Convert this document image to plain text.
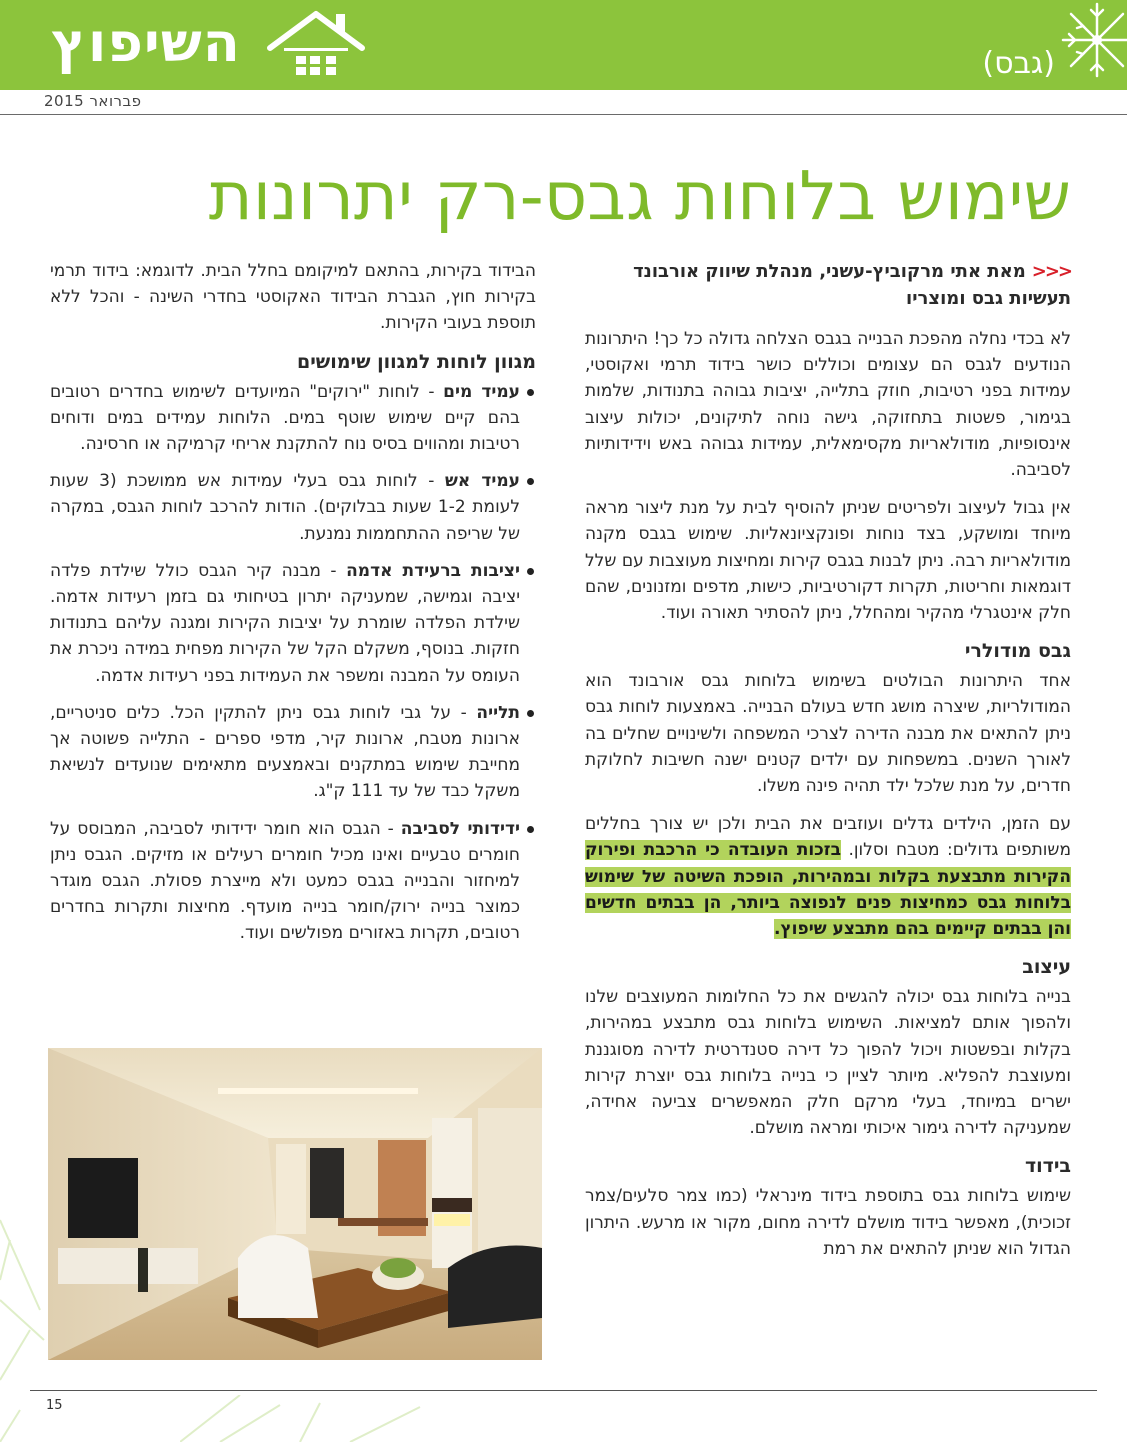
השיפוץ	(גבס)
פברואר 2015
שימוש בלוחות גבס-רק יתרונות

<<<מאת אתי מרקוביץ-עשני, מנהלת שיווק אורבונד תעשיות גבס ומוצריו

לא בכדי נחלה מהפכת הבנייה בגבס הצלחה גדולה כל כך! היתרונות הנודעים לגבס הם עצומים וכוללים כושר בידוד תרמי ואקוסטי, עמידות בפני רטיבות, חוזק בתלייה, יציבות גבוהה בתנודות, שלמות בגימור, פשטות בתחזוקה, גישה נוחה לתיקונים, יכולות עיצוב אינסופיות, מודולאריות מקסימאלית, עמידות גבוהה באש וידידותיות לסביבה.

אין גבול לעיצוב ולפריטים שניתן להוסיף לבית על מנת ליצור מראה מיוחד ומושקע, בצד נוחות ופונקציונאליות. שימוש בגבס מקנה מודולאריות רבה. ניתן לבנות בגבס קירות ומחיצות מעוצבות עם שלל דוגמאות וחריטות, תקרות דקורטיביות, כישות, מדפים ומזנונים, שהם חלק אינטגרלי מהקיר ומהחלל, ניתן להסתיר תאורה ועוד.

גבס מודולרי

אחד היתרונות הבולטים בשימוש בלוחות גבס אורבונד הוא המודולריות, שיצרה מושג חדש בעולם הבנייה. באמצעות לוחות גבס ניתן להתאים את מבנה הדירה לצרכי המשפחה ולשינויים שחלים בה לאורך השנים. במשפחות עם ילדים קטנים ישנה חשיבות לחלוקת חדרים, על מנת שלכל ילד תהיה פינה משלו.

עם הזמן, הילדים גדלים ועוזבים את הבית ולכן יש צורך בחללים משותפים גדולים: מטבח וסלון. בזכות העובדה כי הרכבת ופירוק הקירות מתבצעת בקלות ובמהירות, הופכת השיטה של שימוש בלוחות גבס כמחיצות פנים לנפוצה ביותר, הן בבתים חדשים והן בבתים קיימים בהם מתבצע שיפוץ.

עיצוב

בנייה בלוחות גבס יכולה להגשים את כל החלומות המעוצבים שלנו ולהפוך אותם למציאות. השימוש בלוחות גבס מתבצע במהירות, בקלות ובפשטות ויכול להפוך כל דירה סטנדרטית לדירה מסוגננת ומעוצבת להפליא. מיותר לציין כי בנייה בלוחות גבס יוצרת קירות ישרים במיוחד, בעלי מרקם חלק המאפשרים צביעה אחידה, שמעניקה לדירה גימור איכותי ומראה מושלם.

בידוד

שימוש בלוחות גבס בתוספת בידוד מינראלי (כמו צמר סלעים/צמר זכוכית), מאפשר בידוד מושלם לדירה מחום, מקור או מרעש. היתרון הגדול הוא שניתן להתאים את רמת

הבידוד בקירות, בהתאם למיקומם בחלל הבית. לדוגמא: בידוד תרמי בקירות חוץ, הגברת הבידוד האקוסטי בחדרי השינה - והכל ללא תוספת בעובי הקירות.

מגוון לוחות למגוון שימושים
עמיד מים - לוחות "ירוקים" המיועדים לשימוש בחדרים רטובים בהם קיים שימוש שוטף במים. הלוחות עמידים במים ודוחים רטיבות ומהווים בסיס נוח להתקנת אריחי קרמיקה או חרסינה.
עמיד אש - לוחות גבס בעלי עמידות אש ממושכת (3 שעות לעומת 1-2 שעות בבלוקים). הודות להרכב לוחות הגבס, במקרה של שריפה ההתחממות נמנעת.
יציבות ברעידת אדמה - מבנה קיר הגבס כולל שילדת פלדה יציבה וגמישה, שמעניקה יתרון בטיחותי גם בזמן רעידות אדמה. שילדת הפלדה שומרת על יציבות הקירות ומגנה עליהם בתנודות חזקות. בנוסף, משקלם הקל של הקירות מפחית במידה ניכרת את העומס על המבנה ומשפר את העמידות בפני רעידות אדמה.
תלייה - על גבי לוחות גבס ניתן להתקין הכל. כלים סניטריים, ארונות מטבח, ארונות קיר, מדפי ספרים - התלייה פשוטה אך מחייבת שימוש במתקנים ובאמצעים מתאימים שנועדים לנשיאת משקל כבד של עד 111 ק"ג.
ידידותי לסביבה - הגבס הוא חומר ידידותי לסביבה, המבוסס על חומרים טבעיים ואינו מכיל חומרים רעילים או מזיקים. הגבס ניתן למיחזור והבנייה בגבס כמעט ולא מייצרת פסולת. הגבס מוגדר כמוצר בנייה ירוק/חומר בנייה מועדף. מחיצות ותקרות בחדרים רטובים, תקרות באזורים מפולשים ועוד.
15
